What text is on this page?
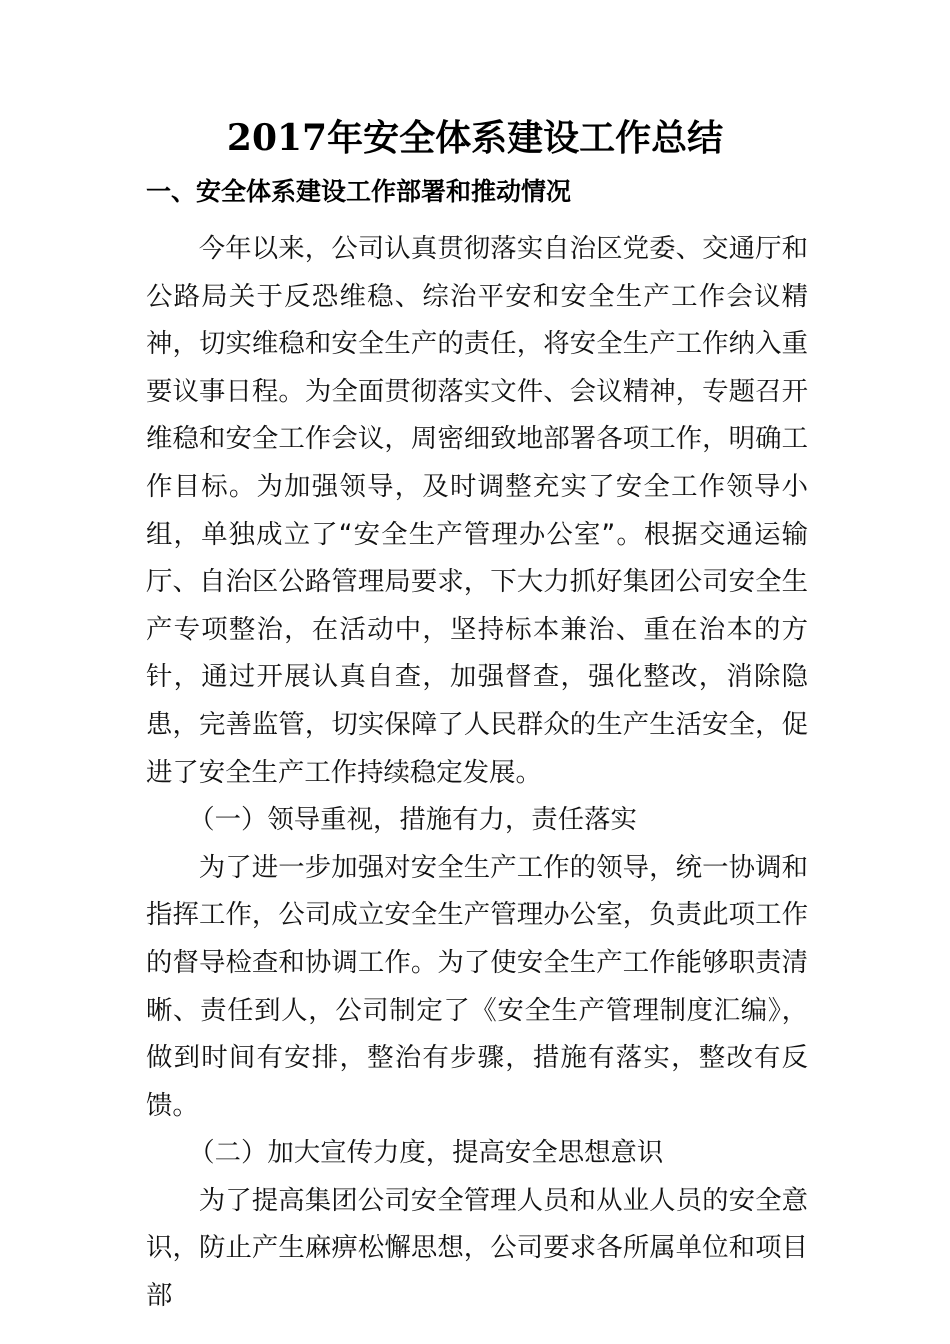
2017年安全体系建设工作总结
一、安全体系建设工作部署和推动情况

今年以来，公司认真贯彻落实自治区党委、交通厅和公路局关于反恐维稳、综治平安和安全生产工作会议精神，切实维稳和安全生产的责任，将安全生产工作纳入重要议事日程。为全面贯彻落实文件、会议精神，专题召开维稳和安全工作会议，周密细致地部署各项工作，明确工作目标。为加强领导，及时调整充实了安全工作领导小组，单独成立了“安全生产管理办公室”。根据交通运输厅、自治区公路管理局要求，下大力抓好集团公司安全生产专项整治，在活动中，坚持标本兼治、重在治本的方针，通过开展认真自查，加强督查，强化整改，消除隐患，完善监管，切实保障了人民群众的生产生活安全，促进了安全生产工作持续稳定发展。

（一）领导重视，措施有力，责任落实

为了进一步加强对安全生产工作的领导，统一协调和指挥工作，公司成立安全生产管理办公室，负责此项工作的督导检查和协调工作。为了使安全生产工作能够职责清晰、责任到人，公司制定了《安全生产管理制度汇编》，做到时间有安排，整治有步骤，措施有落实，整改有反馈。

（二）加大宣传力度，提高安全思想意识

为了提高集团公司安全管理人员和从业人员的安全意识，防止产生麻痹松懈思想，公司要求各所属单位和项目部
